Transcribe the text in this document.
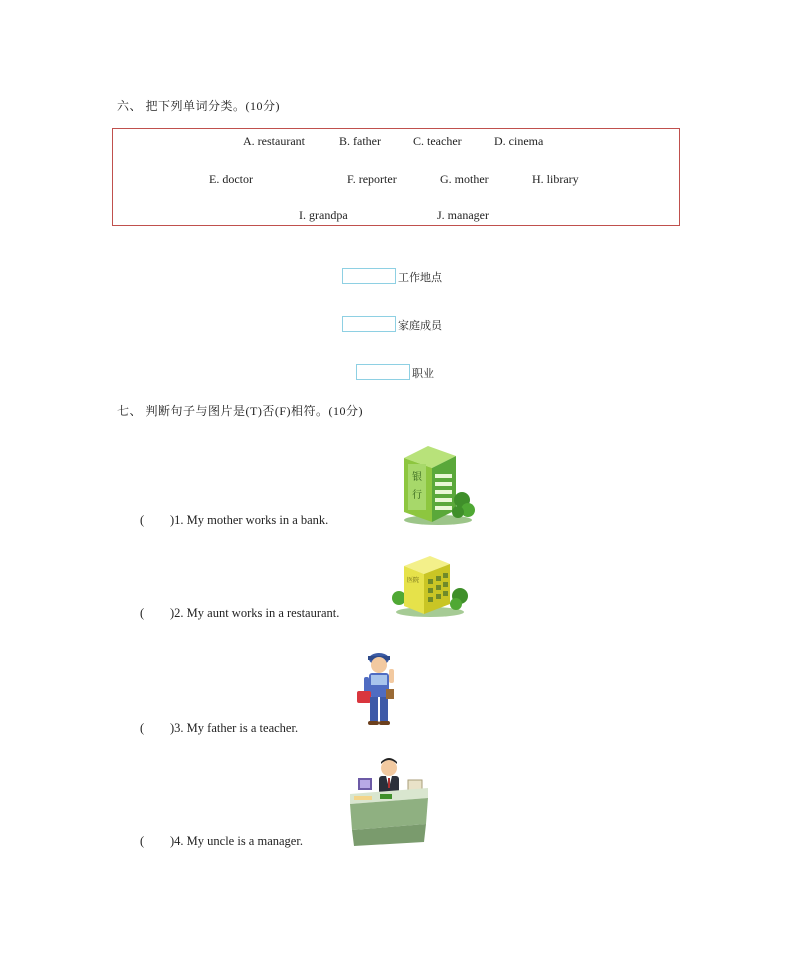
六、 把下列单词分类。(10分)
A. restaurant	B. father	C. teacher	D. cinema
E. doctor	F. reporter	G. mother	H. library
I. grandpa	J. manager
工作地点
家庭成员
职业
七、 判断句子与图片是(T)否(F)相符。(10分)
银
行
( )1. My mother works in a bank.
医院
( )2. My aunt works in a restaurant.
( )3. My father is a teacher.
( )4. My uncle is a manager.
